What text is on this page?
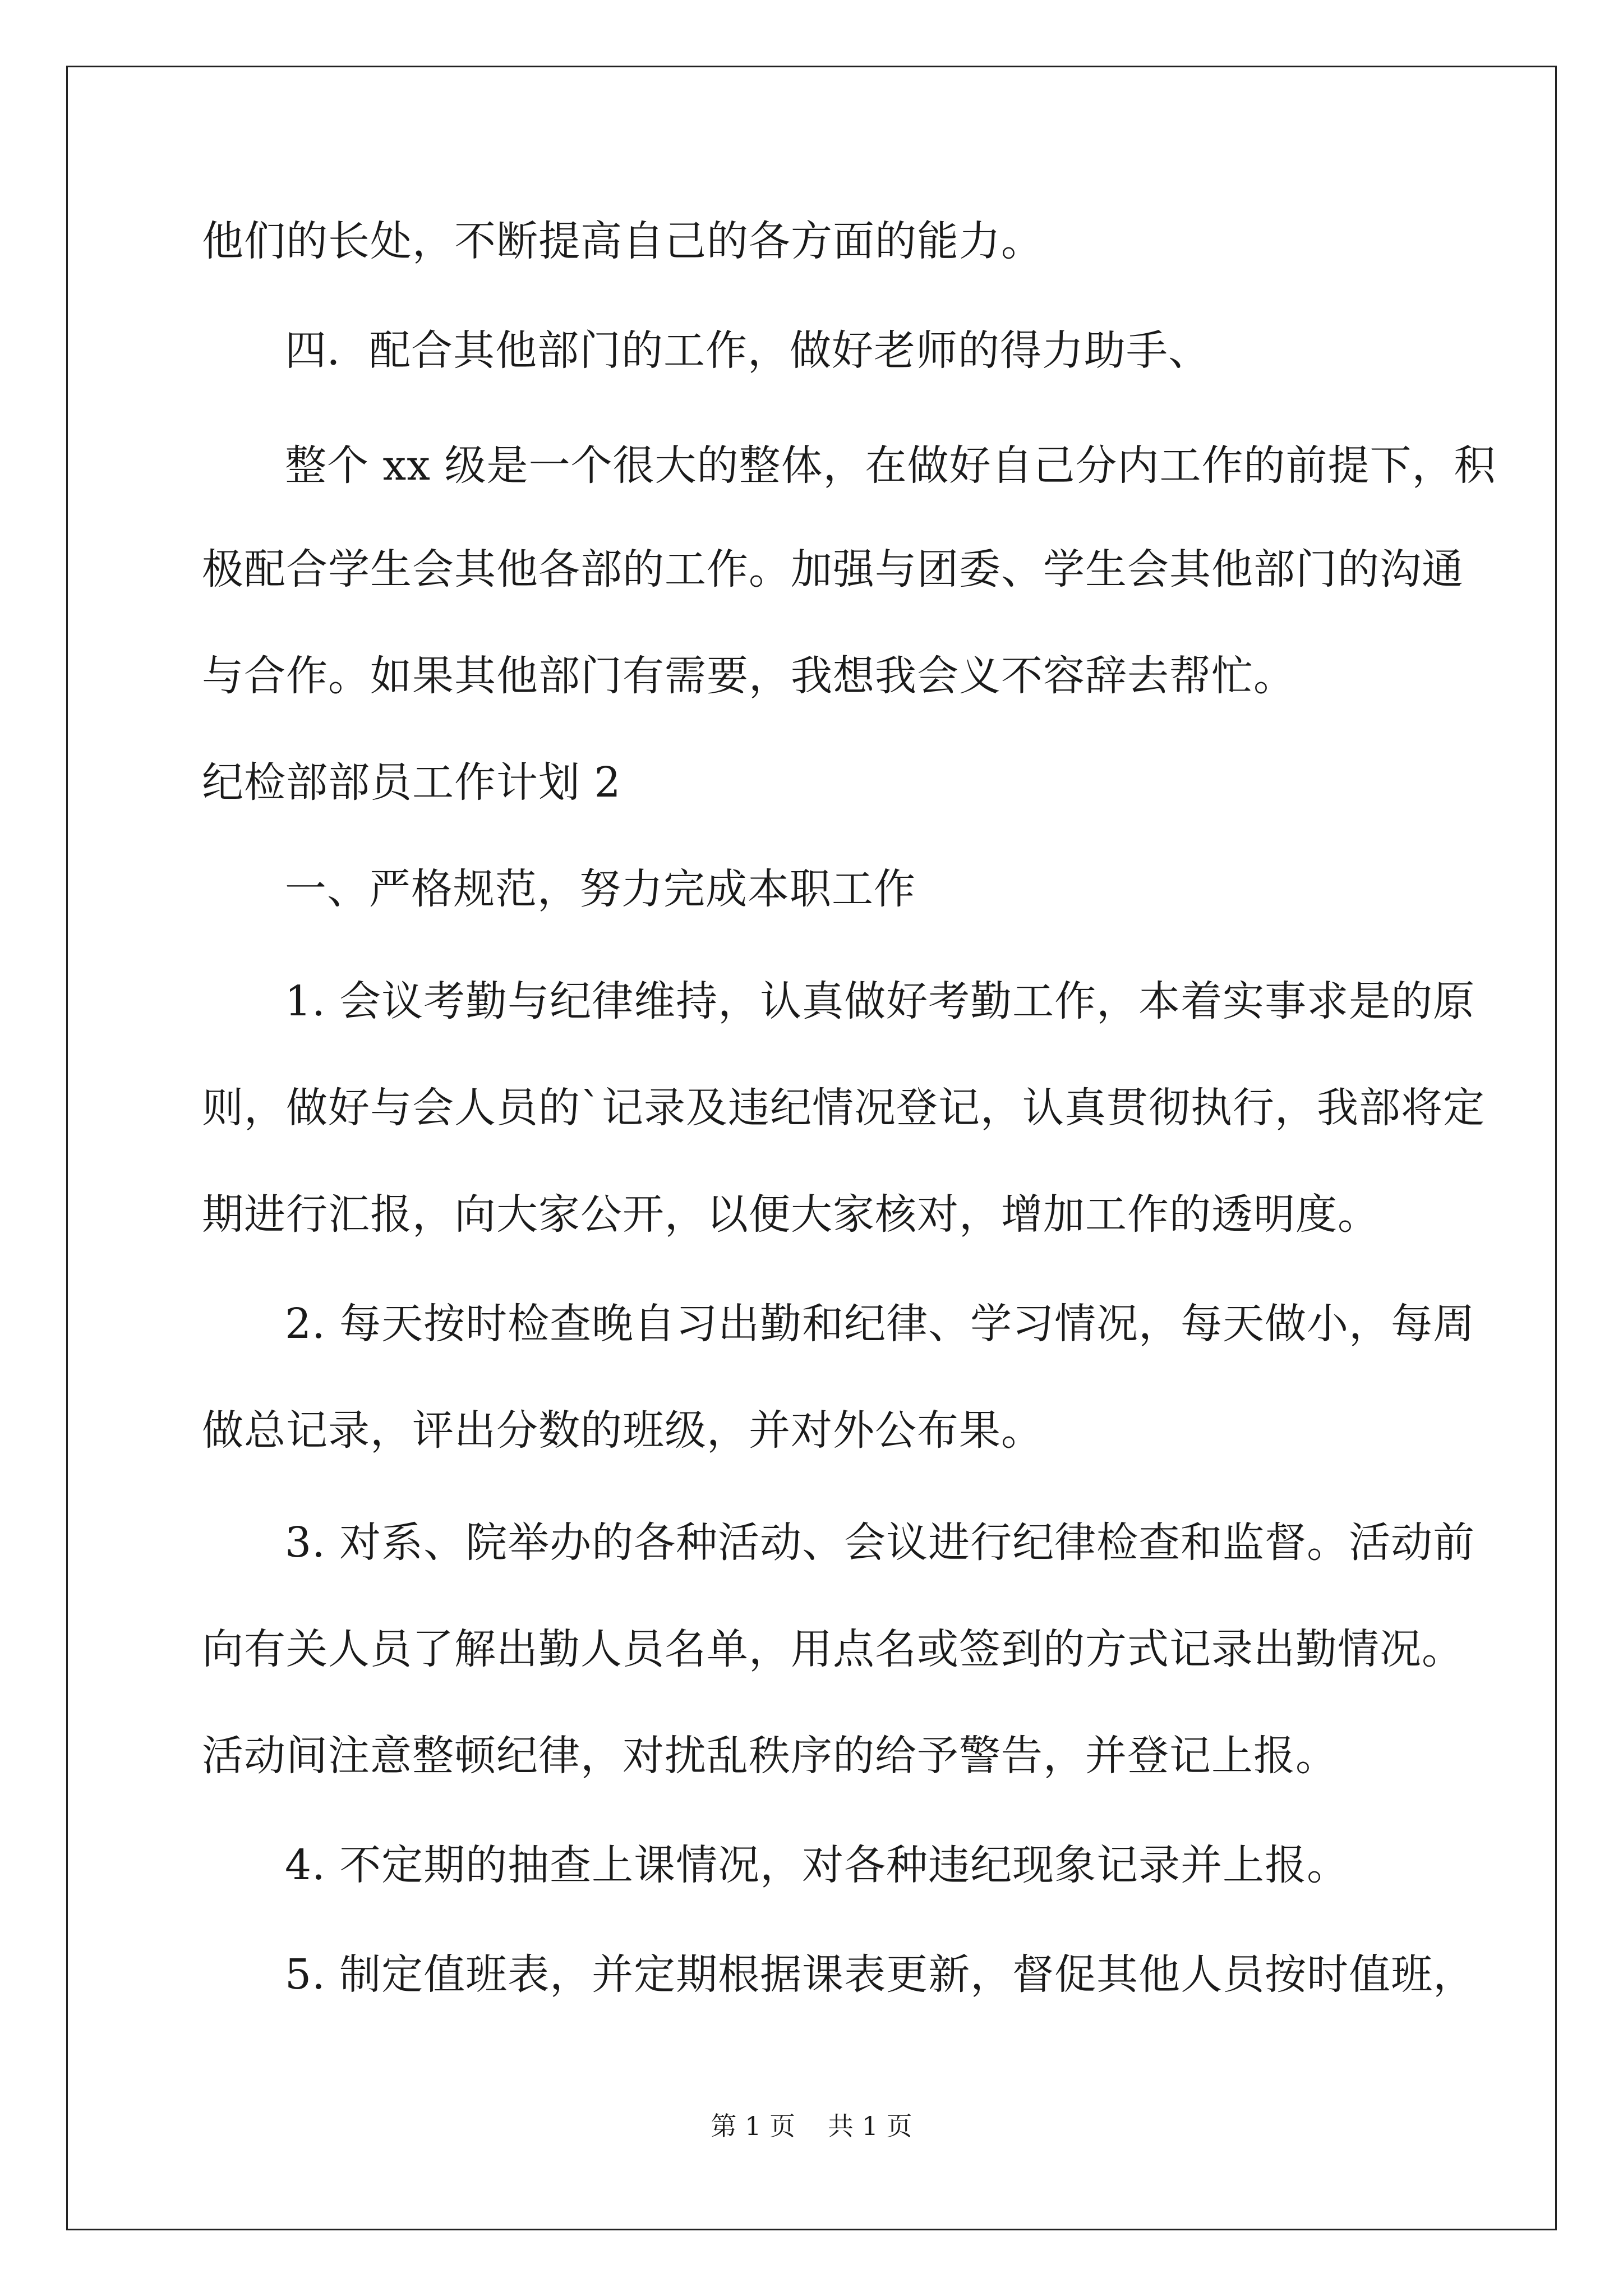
他们的长处，不断提高自己的各方面的能力。
四．配合其他部门的工作，做好老师的得力助手、
整个 xx 级是一个很大的整体，在做好自己分内工作的前提下，积
极配合学生会其他各部的工作。加强与团委、学生会其他部门的沟通
与合作。如果其他部门有需要，我想我会义不容辞去帮忙。
纪检部部员工作计划 2
一、严格规范，努力完成本职工作
1. 会议考勤与纪律维持，认真做好考勤工作，本着实事求是的原
则，做好与会人员的`记录及违纪情况登记，认真贯彻执行，我部将定
期进行汇报，向大家公开，以便大家核对，增加工作的透明度。
2. 每天按时检查晚自习出勤和纪律、学习情况，每天做小，每周
做总记录，评出分数的班级，并对外公布果。
3. 对系、院举办的各种活动、会议进行纪律检查和监督。活动前
向有关人员了解出勤人员名单，用点名或签到的方式记录出勤情况。
活动间注意整顿纪律，对扰乱秩序的给予警告，并登记上报。
4. 不定期的抽查上课情况，对各种违纪现象记录并上报。
5. 制定值班表，并定期根据课表更新，督促其他人员按时值班，
第 1 页 共 1 页
